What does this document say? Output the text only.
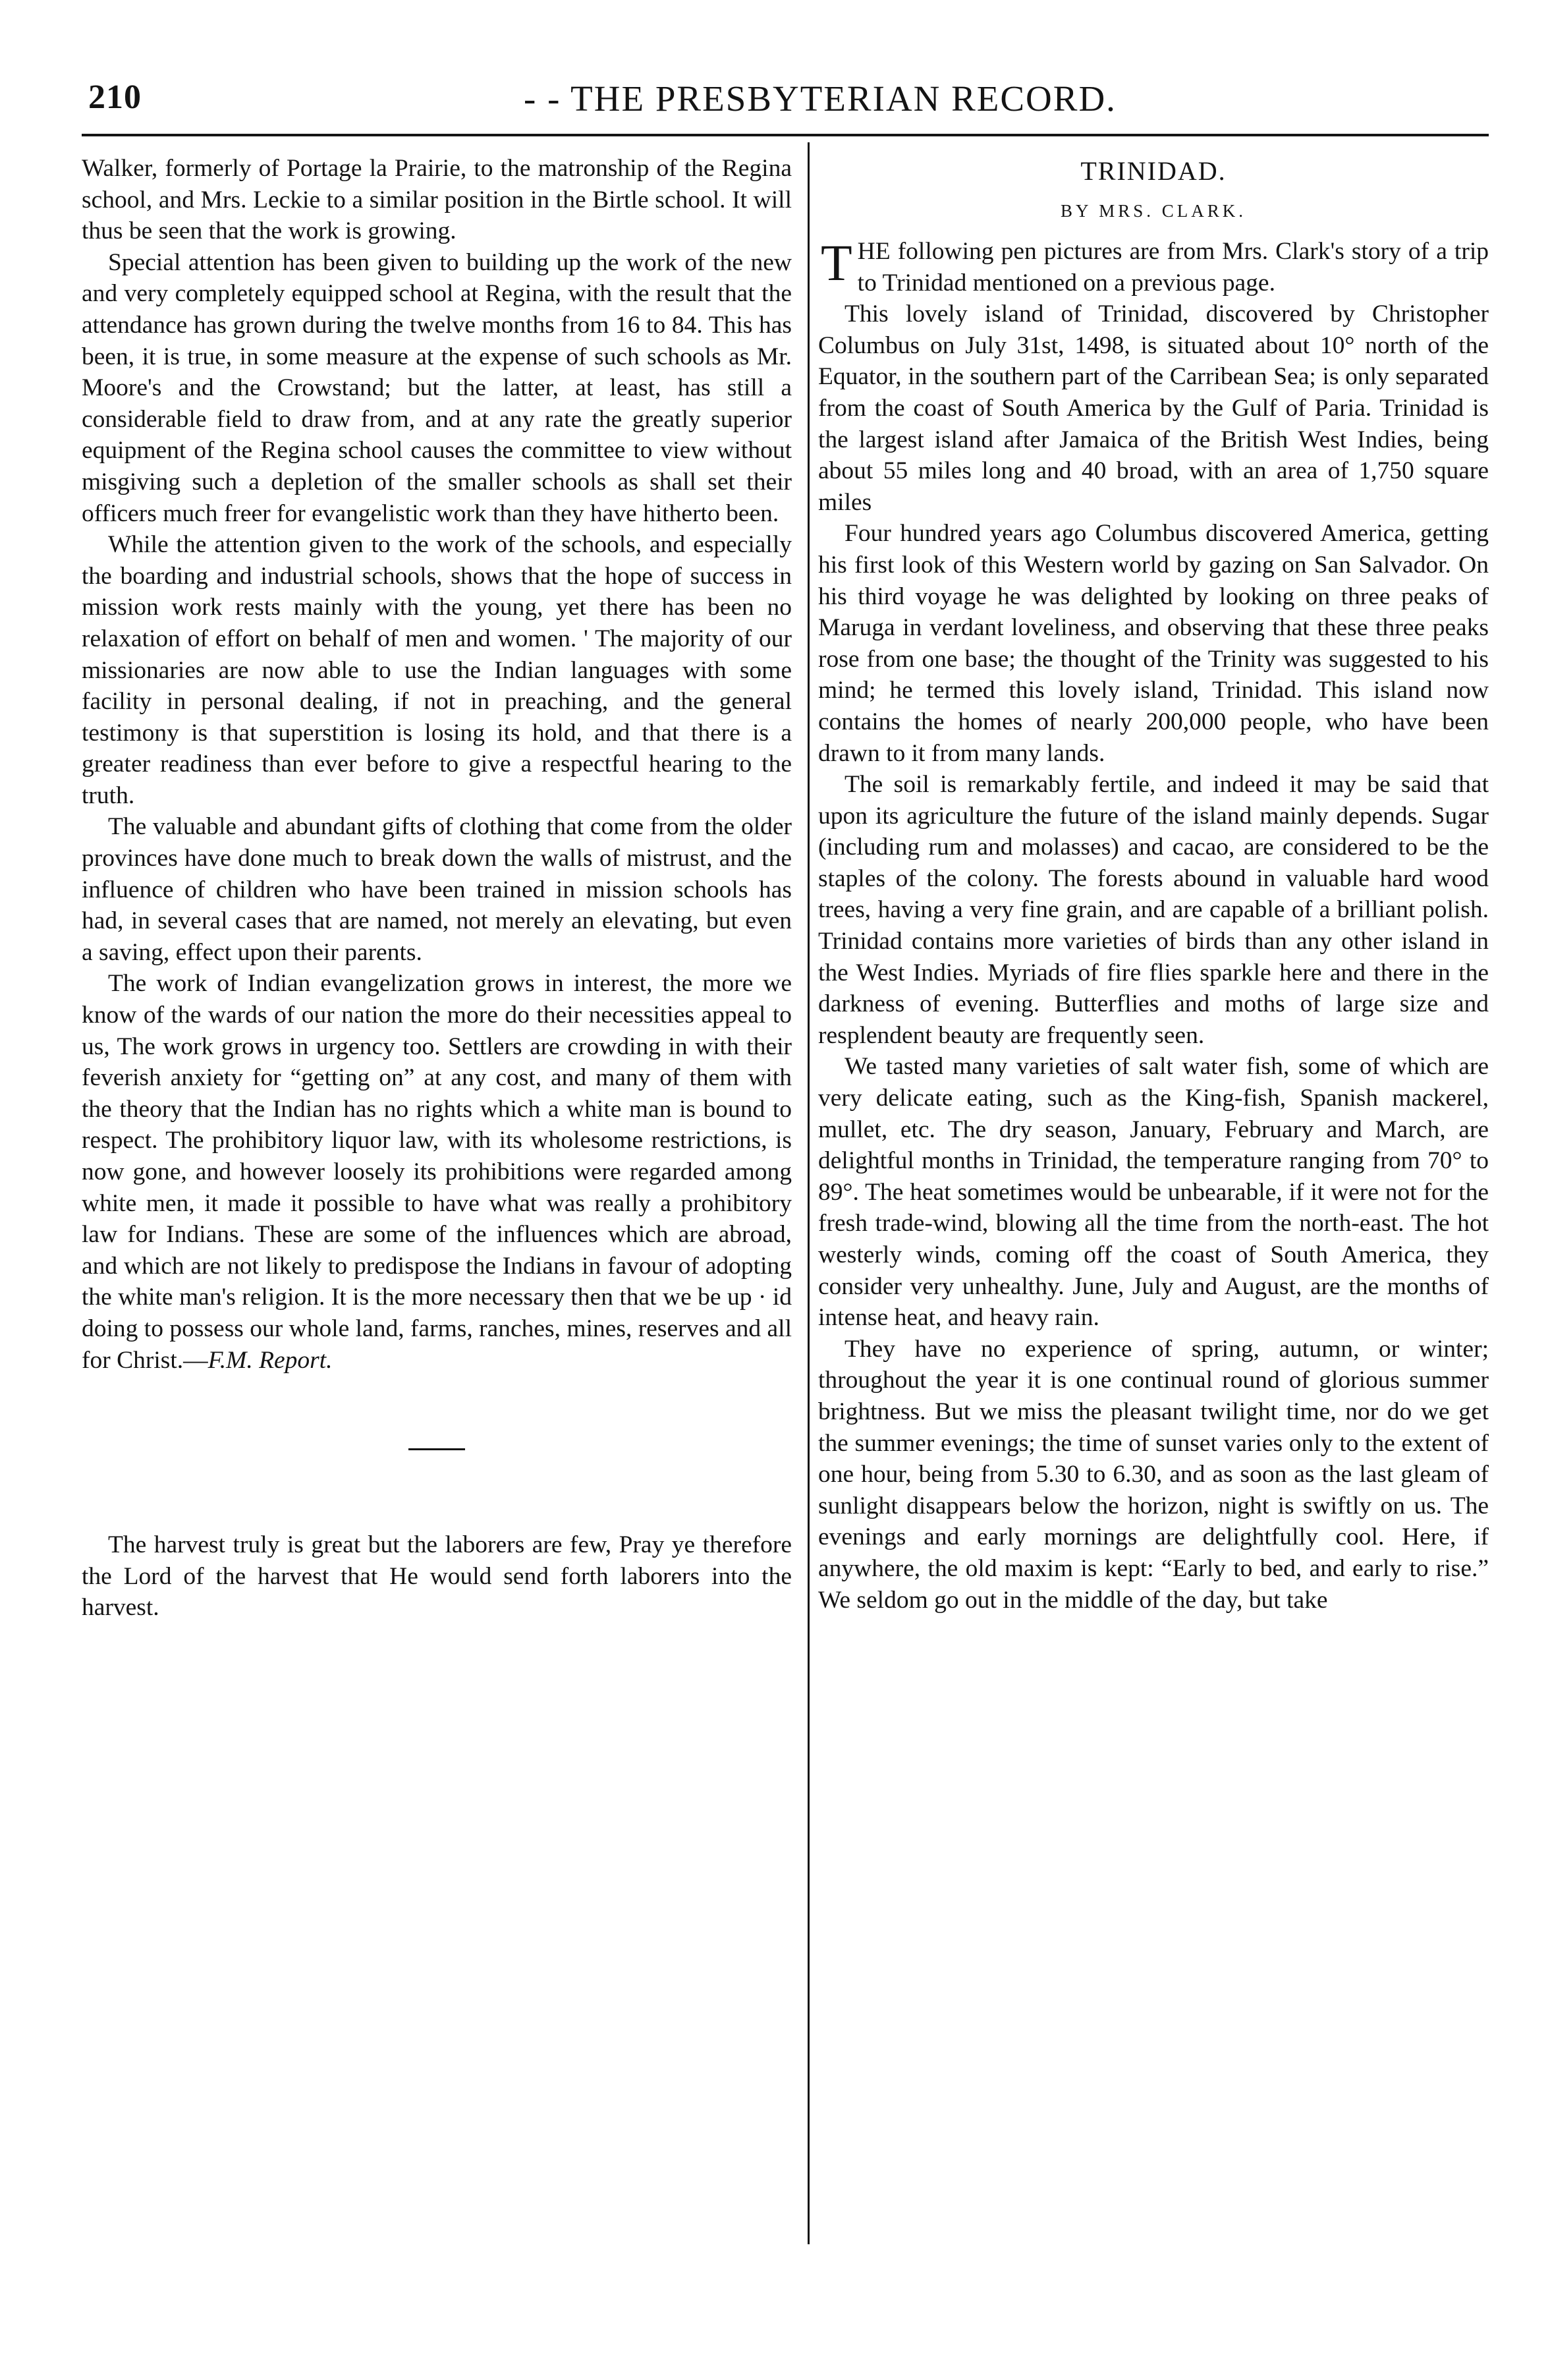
210	- - THE PRESBYTERIAN RECORD.

Walker, formerly of Portage la Prairie, to the matronship of the Regina school, and Mrs. Leckie to a similar position in the Birtle school. It will thus be seen that the work is growing.

Special attention has been given to building up the work of the new and very completely equipped school at Regina, with the result that the attendance has grown during the twelve months from 16 to 84. This has been, it is true, in some measure at the expense of such schools as Mr. Moore's and the Crowstand; but the latter, at least, has still a considerable field to draw from, and at any rate the greatly superior equipment of the Regina school causes the committee to view without misgiving such a depletion of the smaller schools as shall set their officers much freer for evangelistic work than they have hitherto been.

While the attention given to the work of the schools, and especially the boarding and industrial schools, shows that the hope of success in mission work rests mainly with the young, yet there has been no relaxation of effort on behalf of men and women. ' The majority of our missionaries are now able to use the Indian languages with some facility in personal dealing, if not in preaching, and the general testimony is that superstition is losing its hold, and that there is a greater readiness than ever before to give a respectful hearing to the truth.

The valuable and abundant gifts of clothing that come from the older provinces have done much to break down the walls of mistrust, and the influence of children who have been trained in mission schools has had, in several cases that are named, not merely an elevating, but even a saving, effect upon their parents.

The work of Indian evangelization grows in interest, the more we know of the wards of our nation the more do their necessities appeal to us, The work grows in urgency too. Settlers are crowding in with their feverish anxiety for “getting on” at any cost, and many of them with the theory that the Indian has no rights which a white man is bound to respect. The prohibitory liquor law, with its wholesome restrictions, is now gone, and however loosely its prohibitions were regarded among white men, it made it possible to have what was really a prohibitory law for Indians. These are some of the influences which are abroad, and which are not likely to predispose the Indians in favour of adopting the white man's religion. It is the more necessary then that we be up · id doing to possess our whole land, farms, ranches, mines, reserves and all for Christ.—F.M. Report.

The harvest truly is great but the laborers are few, Pray ye therefore the Lord of the harvest that He would send forth laborers into the harvest.

TRINIDAD.
BY MRS. CLARK.

THE following pen pictures are from Mrs. Clark's story of a trip to Trinidad mentioned on a previous page.

This lovely island of Trinidad, discovered by Christopher Columbus on July 31st, 1498, is situated about 10° north of the Equator, in the southern part of the Carribean Sea; is only separated from the coast of South America by the Gulf of Paria. Trinidad is the largest island after Jamaica of the British West Indies, being about 55 miles long and 40 broad, with an area of 1,750 square miles

Four hundred years ago Columbus discovered America, getting his first look of this Western world by gazing on San Salvador. On his third voyage he was delighted by looking on three peaks of Maruga in verdant loveliness, and observing that these three peaks rose from one base; the thought of the Trinity was suggested to his mind; he termed this lovely island, Trinidad. This island now contains the homes of nearly 200,000 people, who have been drawn to it from many lands.

The soil is remarkably fertile, and indeed it may be said that upon its agriculture the future of the island mainly depends. Sugar (including rum and molasses) and cacao, are considered to be the staples of the colony. The forests abound in valuable hard wood trees, having a very fine grain, and are capable of a brilliant polish. Trinidad contains more varieties of birds than any other island in the West Indies. Myriads of fire flies sparkle here and there in the darkness of evening. Butterflies and moths of large size and resplendent beauty are frequently seen.

We tasted many varieties of salt water fish, some of which are very delicate eating, such as the King-fish, Spanish mackerel, mullet, etc. The dry season, January, February and March, are delightful months in Trinidad, the temperature ranging from 70° to 89°. The heat sometimes would be unbearable, if it were not for the fresh trade-wind, blowing all the time from the north-east. The hot westerly winds, coming off the coast of South America, they consider very unhealthy. June, July and August, are the months of intense heat, and heavy rain.

They have no experience of spring, autumn, or winter; throughout the year it is one continual round of glorious summer brightness. But we miss the pleasant twilight time, nor do we get the summer evenings; the time of sunset varies only to the extent of one hour, being from 5.30 to 6.30, and as soon as the last gleam of sunlight disappears below the horizon, night is swiftly on us. The evenings and early mornings are delightfully cool. Here, if anywhere, the old maxim is kept: “Early to bed, and early to rise.” We seldom go out in the middle of the day, but take
